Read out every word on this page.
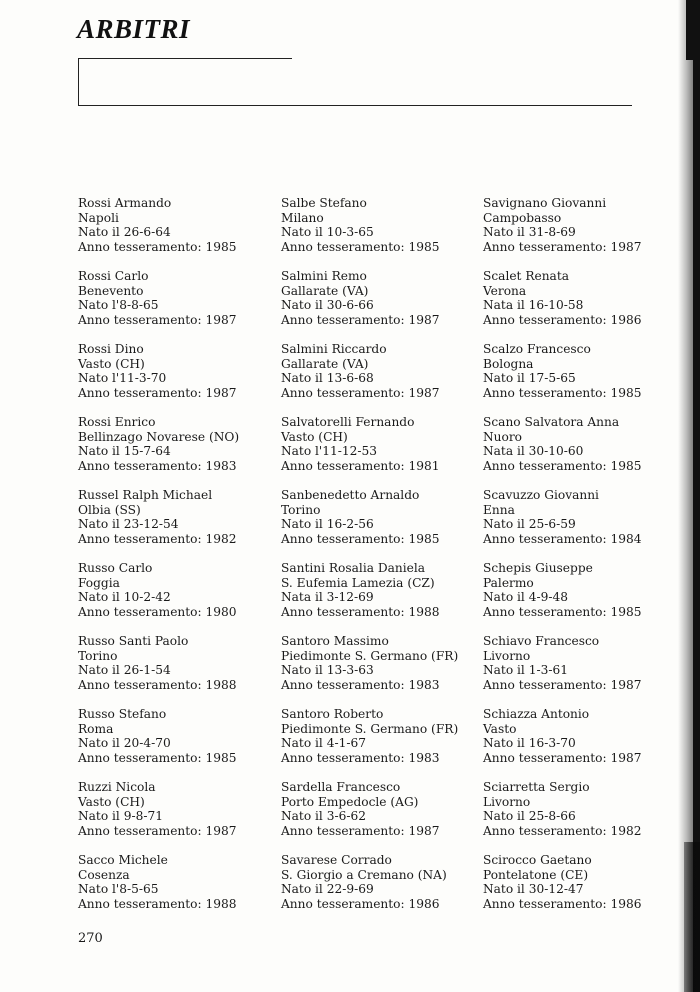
ARBITRI
Rossi Armando
Napoli
Nato il 26-6-64
Anno tesseramento: 1985
Rossi Carlo
Benevento
Nato l'8-8-65
Anno tesseramento: 1987
Rossi Dino
Vasto (CH)
Nato l'11-3-70
Anno tesseramento: 1987
Rossi Enrico
Bellinzago Novarese (NO)
Nato il 15-7-64
Anno tesseramento: 1983
Russel Ralph Michael
Olbia (SS)
Nato il 23-12-54
Anno tesseramento: 1982
Russo Carlo
Foggia
Nato il 10-2-42
Anno tesseramento: 1980
Russo Santi Paolo
Torino
Nato il 26-1-54
Anno tesseramento: 1988
Russo Stefano
Roma
Nato il 20-4-70
Anno tesseramento: 1985
Ruzzi Nicola
Vasto (CH)
Nato il 9-8-71
Anno tesseramento: 1987
Sacco Michele
Cosenza
Nato l'8-5-65
Anno tesseramento: 1988
Salbe Stefano
Milano
Nato il 10-3-65
Anno tesseramento: 1985
Salmini Remo
Gallarate (VA)
Nato il 30-6-66
Anno tesseramento: 1987
Salmini Riccardo
Gallarate (VA)
Nato il 13-6-68
Anno tesseramento: 1987
Salvatorelli Fernando
Vasto (CH)
Nato l'11-12-53
Anno tesseramento: 1981
Sanbenedetto Arnaldo
Torino
Nato il 16-2-56
Anno tesseramento: 1985
Santini Rosalia Daniela
S. Eufemia Lamezia (CZ)
Nata il 3-12-69
Anno tesseramento: 1988
Santoro Massimo
Piedimonte S. Germano (FR)
Nato il 13-3-63
Anno tesseramento: 1983
Santoro Roberto
Piedimonte S. Germano (FR)
Nato il 4-1-67
Anno tesseramento: 1983
Sardella Francesco
Porto Empedocle (AG)
Nato il 3-6-62
Anno tesseramento: 1987
Savarese Corrado
S. Giorgio a Cremano (NA)
Nato il 22-9-69
Anno tesseramento: 1986
Savignano Giovanni
Campobasso
Nato il 31-8-69
Anno tesseramento: 1987
Scalet Renata
Verona
Nata il 16-10-58
Anno tesseramento: 1986
Scalzo Francesco
Bologna
Nato il 17-5-65
Anno tesseramento: 1985
Scano Salvatora Anna
Nuoro
Nata il 30-10-60
Anno tesseramento: 1985
Scavuzzo Giovanni
Enna
Nato il 25-6-59
Anno tesseramento: 1984
Schepis Giuseppe
Palermo
Nato il 4-9-48
Anno tesseramento: 1985
Schiavo Francesco
Livorno
Nato il 1-3-61
Anno tesseramento: 1987
Schiazza Antonio
Vasto
Nato il 16-3-70
Anno tesseramento: 1987
Sciarretta Sergio
Livorno
Nato il 25-8-66
Anno tesseramento: 1982
Scirocco Gaetano
Pontelatone (CE)
Nato il 30-12-47
Anno tesseramento: 1986
270
